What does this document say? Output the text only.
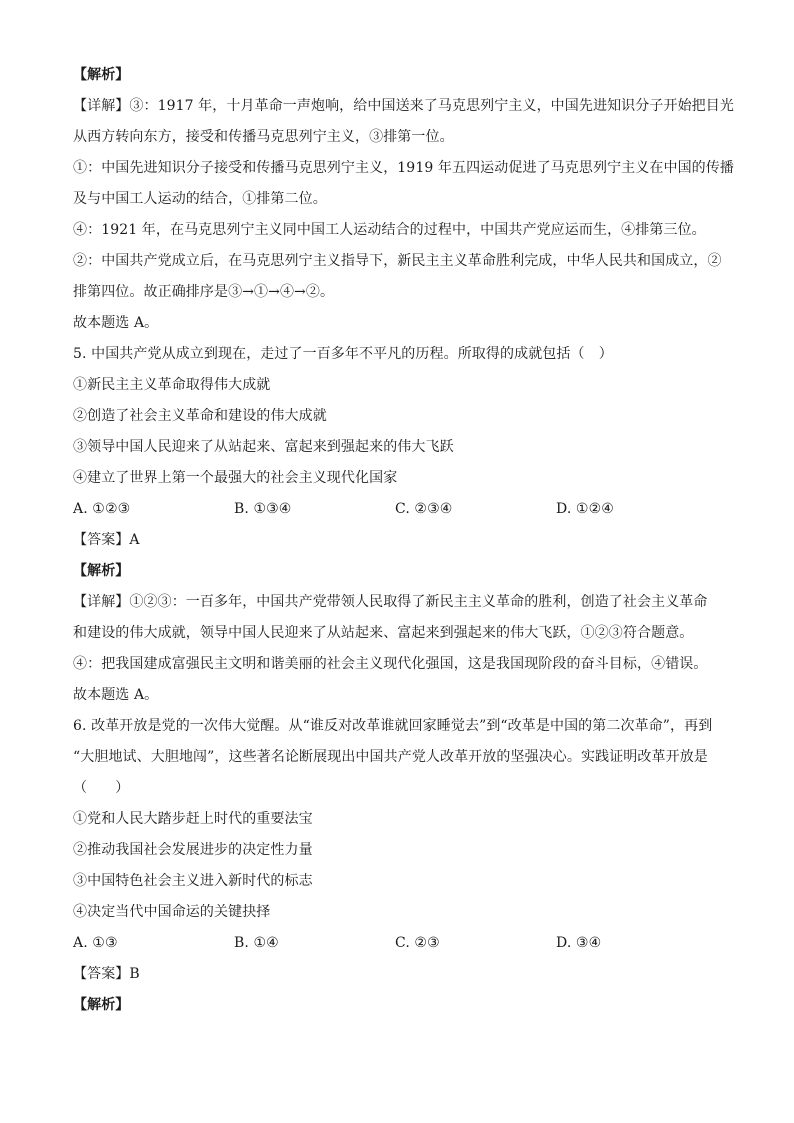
【解析】
【详解】③：1917 年，十月革命一声炮响，给中国送来了马克思列宁主义，中国先进知识分子开始把目光
从西方转向东方，接受和传播马克思列宁主义，③排第一位。
①：中国先进知识分子接受和传播马克思列宁主义，1919 年五四运动促进了马克思列宁主义在中国的传播
及与中国工人运动的结合，①排第二位。
④：1921 年，在马克思列宁主义同中国工人运动结合的过程中，中国共产党应运而生，④排第三位。
②：中国共产党成立后，在马克思列宁主义指导下，新民主主义革命胜利完成，中华人民共和国成立，②
排第四位。故正确排序是③→①→④→②。
故本题选 A。
5. 中国共产党从成立到现在，走过了一百多年不平凡的历程。所取得的成就包括（　）
①新民主主义革命取得伟大成就
②创造了社会主义革命和建设的伟大成就
③领导中国人民迎来了从站起来、富起来到强起来的伟大飞跃
④建立了世界上第一个最强大的社会主义现代化国家
A. ①②③	B. ①③④	C. ②③④	D. ①②④
【答案】A
【解析】
【详解】①②③：一百多年，中国共产党带领人民取得了新民主主义革命的胜利，创造了社会主义革命
和建设的伟大成就，领导中国人民迎来了从站起来、富起来到强起来的伟大飞跃，①②③符合题意。
④：把我国建成富强民主文明和谐美丽的社会主义现代化强国，这是我国现阶段的奋斗目标，④错误。
故本题选 A。
6. 改革开放是党的一次伟大觉醒。从“谁反对改革谁就回家睡觉去”到“改革是中国的第二次革命”，再到
“大胆地试、大胆地闯”，这些著名论断展现出中国共产党人改革开放的坚强决心。实践证明改革开放是
（　　）
①党和人民大踏步赶上时代的重要法宝
②推动我国社会发展进步的决定性力量
③中国特色社会主义进入新时代的标志
④决定当代中国命运的关键抉择
A. ①③	B. ①④	C. ②③	D. ③④
【答案】B
【解析】
